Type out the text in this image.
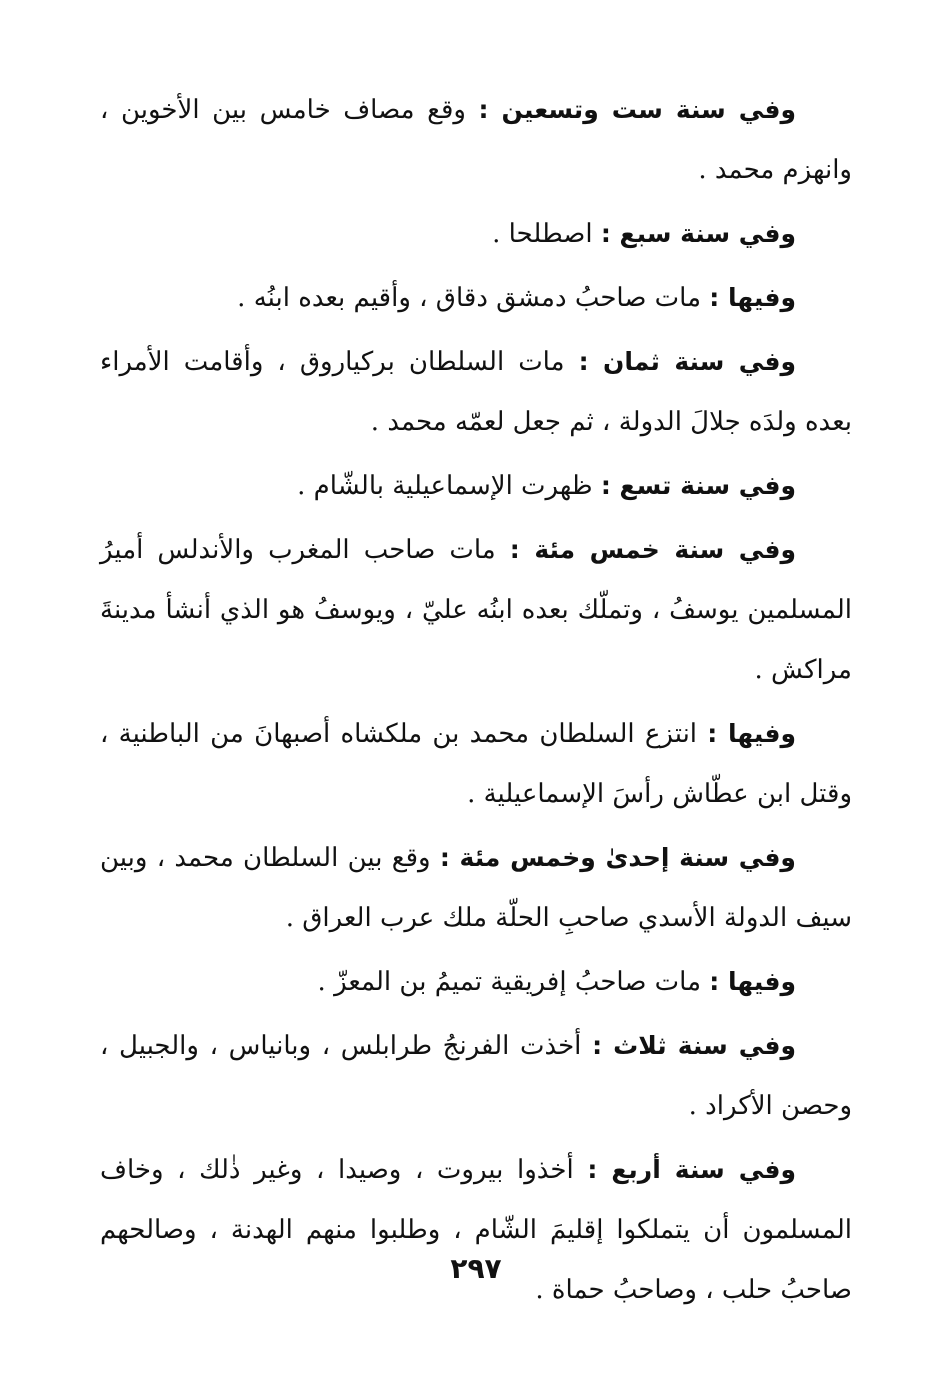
وفي سنة ست وتسعين : وقع مصاف خامس بين الأخوين ، وانهزم محمد .

وفي سنة سبع : اصطلحا .

وفيها : مات صاحبُ دمشق دقاق ، وأقيم بعده ابنُه .

وفي سنة ثمان : مات السلطان بركياروق ، وأقامت الأمراء بعده ولدَه جلالَ الدولة ، ثم جعل لعمّه محمد .

وفي سنة تسع : ظهرت الإسماعيلية بالشّام .

وفي سنة خمس مئة : مات صاحب المغرب والأندلس أميرُ المسلمين يوسفُ ، وتملّك بعده ابنُه عليّ ، ويوسفُ هو الذي أنشأ مدينةَ مراكش .

وفيها : انتزع السلطان محمد بن ملكشاه أصبهانَ من الباطنية ، وقتل ابن عطّاش رأسَ الإسماعيلية .

وفي سنة إحدىٰ وخمس مئة : وقع بين السلطان محمد ، وبين سيف الدولة الأسدي صاحبِ الحلّة ملك عرب العراق .

وفيها : مات صاحبُ إفريقية تميمُ بن المعزّ .

وفي سنة ثلاث : أخذت الفرنجُ طرابلس ، وبانياس ، والجبيل ، وحصن الأكراد .

وفي سنة أربع : أخذوا بيروت ، وصيدا ، وغير ذٰلك ، وخاف المسلمون أن يتملكوا إقليمَ الشّام ، وطلبوا منهم الهدنة ، وصالحهم صاحبُ حلب ، وصاحبُ حماة .

٢٩٧
